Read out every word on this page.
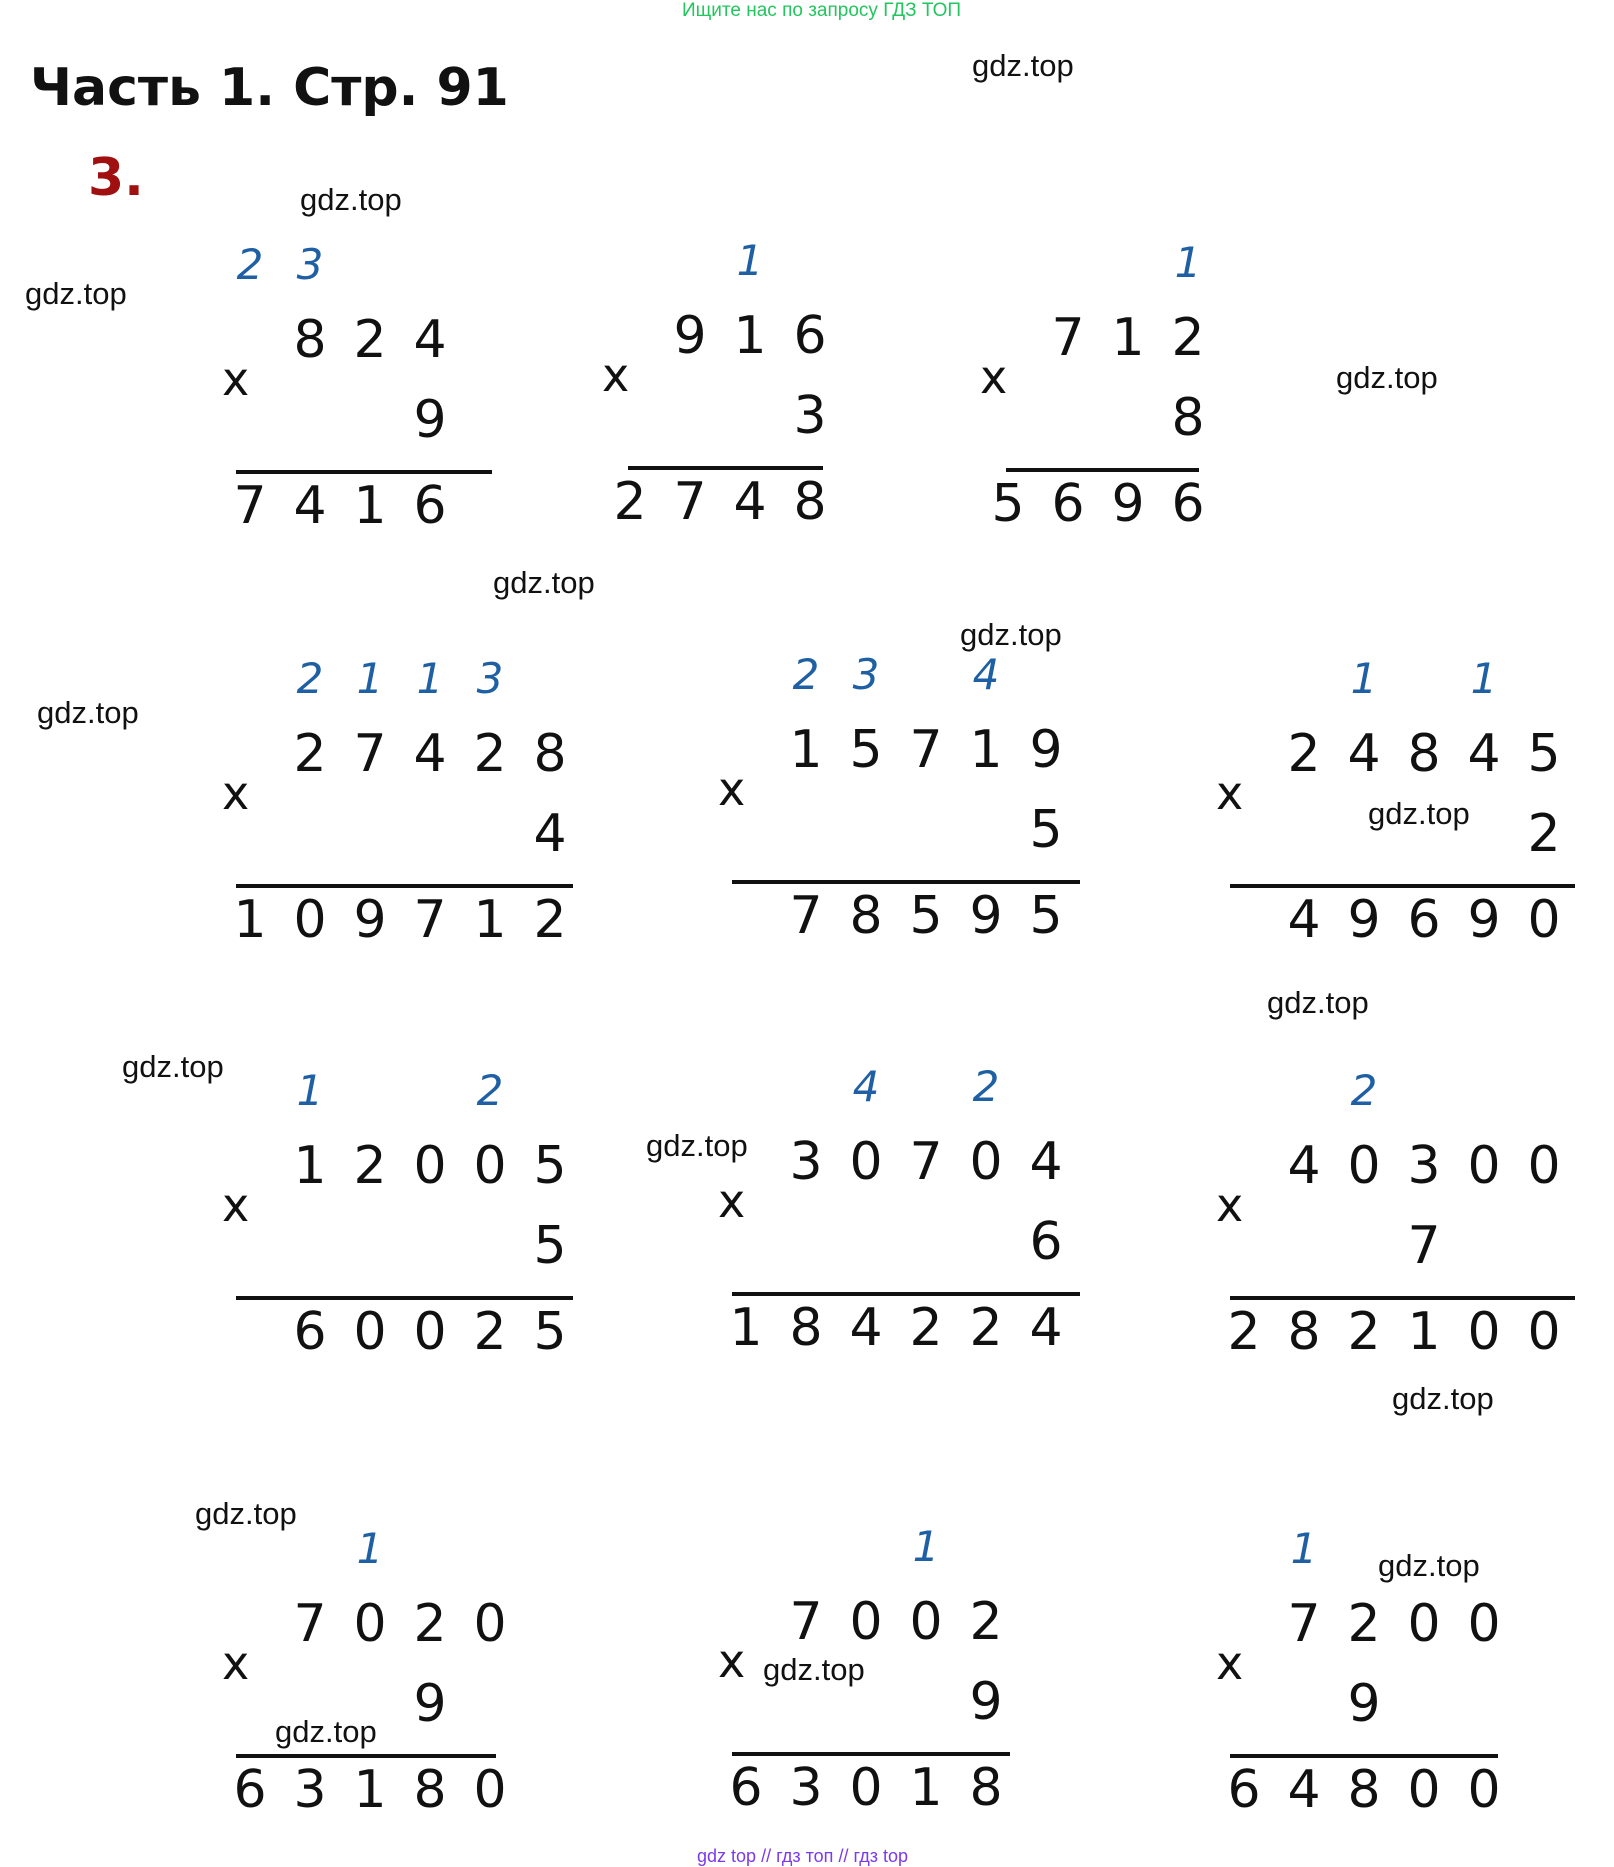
Ищите нас по запросу ГДЗ ТОП
Часть 1. Стр. 91
3.
gdz.top
gdz.top
gdz.top
gdz.top
gdz.top
gdz.top
gdz.top
gdz.top
gdz.top
gdz.top
gdz.top
gdz.top
gdz.top
gdz.top
gdz.top
gdz.top
2 3
8 2 4
9
7 4 1 6
x
1
9 1 6
3
2 7 4 8
x
1
7 1 2
8
5 6 9 6
x
2 1 1 3
2 7 4 2 8
4
1 0 9 7 1 2
x
2 3	4
1 5 7 1 9
5
7 8 5 9 5
x
1	1
2 4 8 4 5
2
4 9 6 9 0
x
1	2
1 2 0 0 5
5
6 0 0 2 5
x
4	2
3 0 7 0 4
6
1 8 4 2 2 4
x
2
4 0 3 0 0
7
2 8 2 1 0 0
x
1
7 0 2 0
9
6 3 1 8 0
x
1
7 0 0 2
9
6 3 0 1 8
x
1
7 2 0 0
9
6 4 8 0 0
x
gdz top // гдз топ // гдз top
